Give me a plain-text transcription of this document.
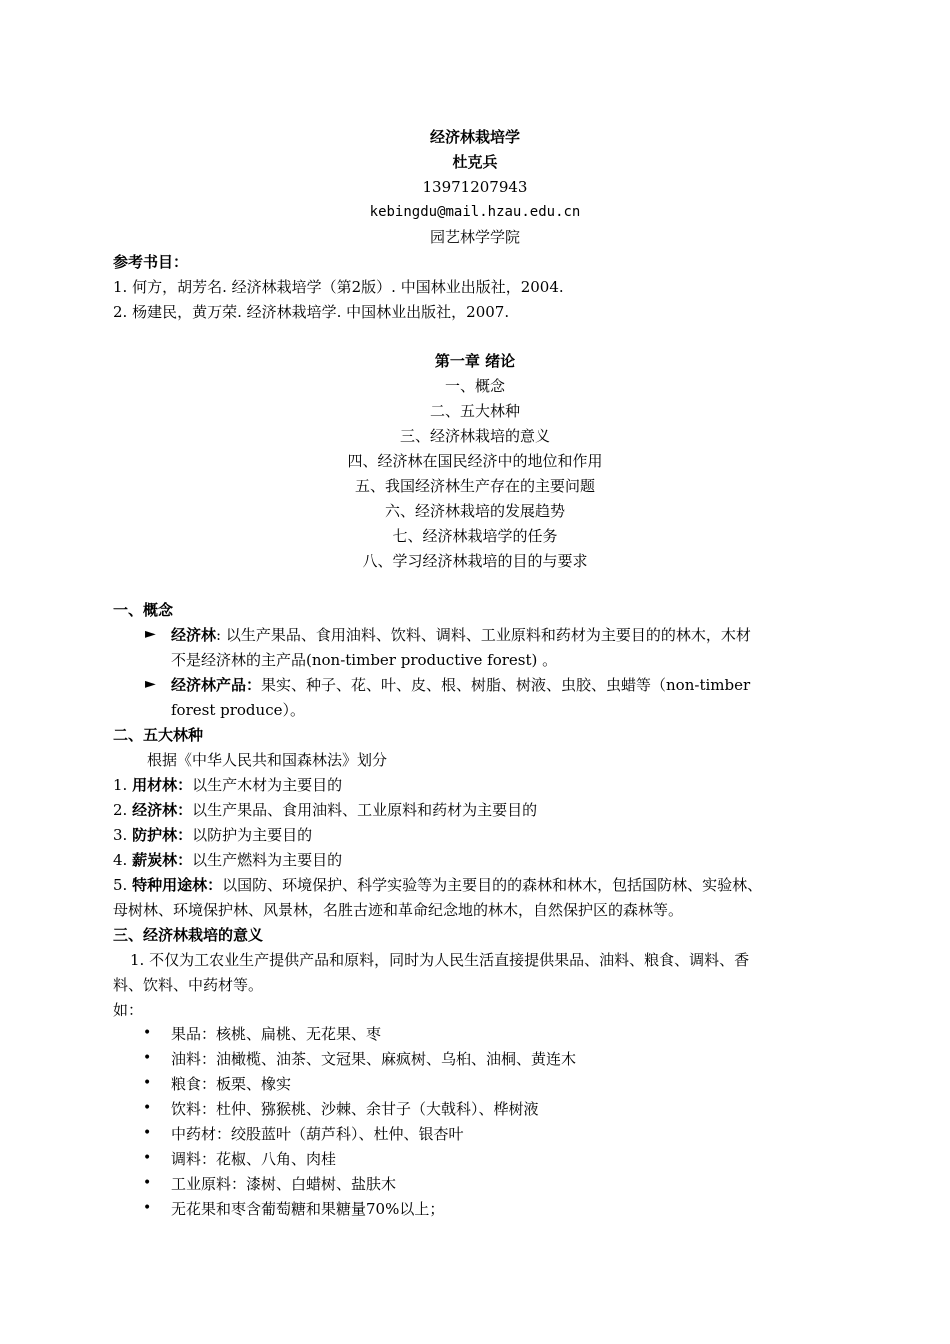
经济林栽培学
杜克兵
13971207943
kebingdu@mail.hzau.edu.cn
园艺林学学院
参考书目：
1. 何方，胡芳名. 经济林栽培学（第2版）. 中国林业出版社，2004.
2. 杨建民，黄万荣. 经济林栽培学. 中国林业出版社，2007.
第一章 绪论
一、概念
二、五大林种
三、经济林栽培的意义
四、经济林在国民经济中的地位和作用
五、我国经济林生产存在的主要问题
六、经济林栽培的发展趋势
七、经济林栽培学的任务
八、学习经济林栽培的目的与要求
一、概念
► 经济林: 以生产果品、食用油料、饮料、调料、工业原料和药材为主要目的的林木，木材
不是经济林的主产品(non-timber productive forest) 。
► 经济林产品：果实、种子、花、叶、皮、根、树脂、树液、虫胶、虫蜡等（non-timber
forest produce）。
二、五大林种
根据《中华人民共和国森林法》划分
1. 用材林：以生产木材为主要目的
2. 经济林：以生产果品、食用油料、工业原料和药材为主要目的
3. 防护林：以防护为主要目的
4. 薪炭林：以生产燃料为主要目的
5. 特种用途林：以国防、环境保护、科学实验等为主要目的的森林和林木，包括国防林、实验林、
母树林、环境保护林、风景林，名胜古迹和革命纪念地的林木，自然保护区的森林等。
三、经济林栽培的意义
1. 不仅为工农业生产提供产品和原料，同时为人民生活直接提供果品、油料、粮食、调料、香
料、饮料、中药材等。
如：
• 果品：核桃、扁桃、无花果、枣
• 油料：油橄榄、油茶、文冠果、麻疯树、乌桕、油桐、黄连木
• 粮食：板栗、橡实
• 饮料：杜仲、猕猴桃、沙棘、余甘子（大戟科）、桦树液
• 中药材：绞股蓝叶（葫芦科）、杜仲、银杏叶
• 调料：花椒、八角、肉桂
• 工业原料：漆树、白蜡树、盐肤木
• 无花果和枣含葡萄糖和果糖量70%以上；
